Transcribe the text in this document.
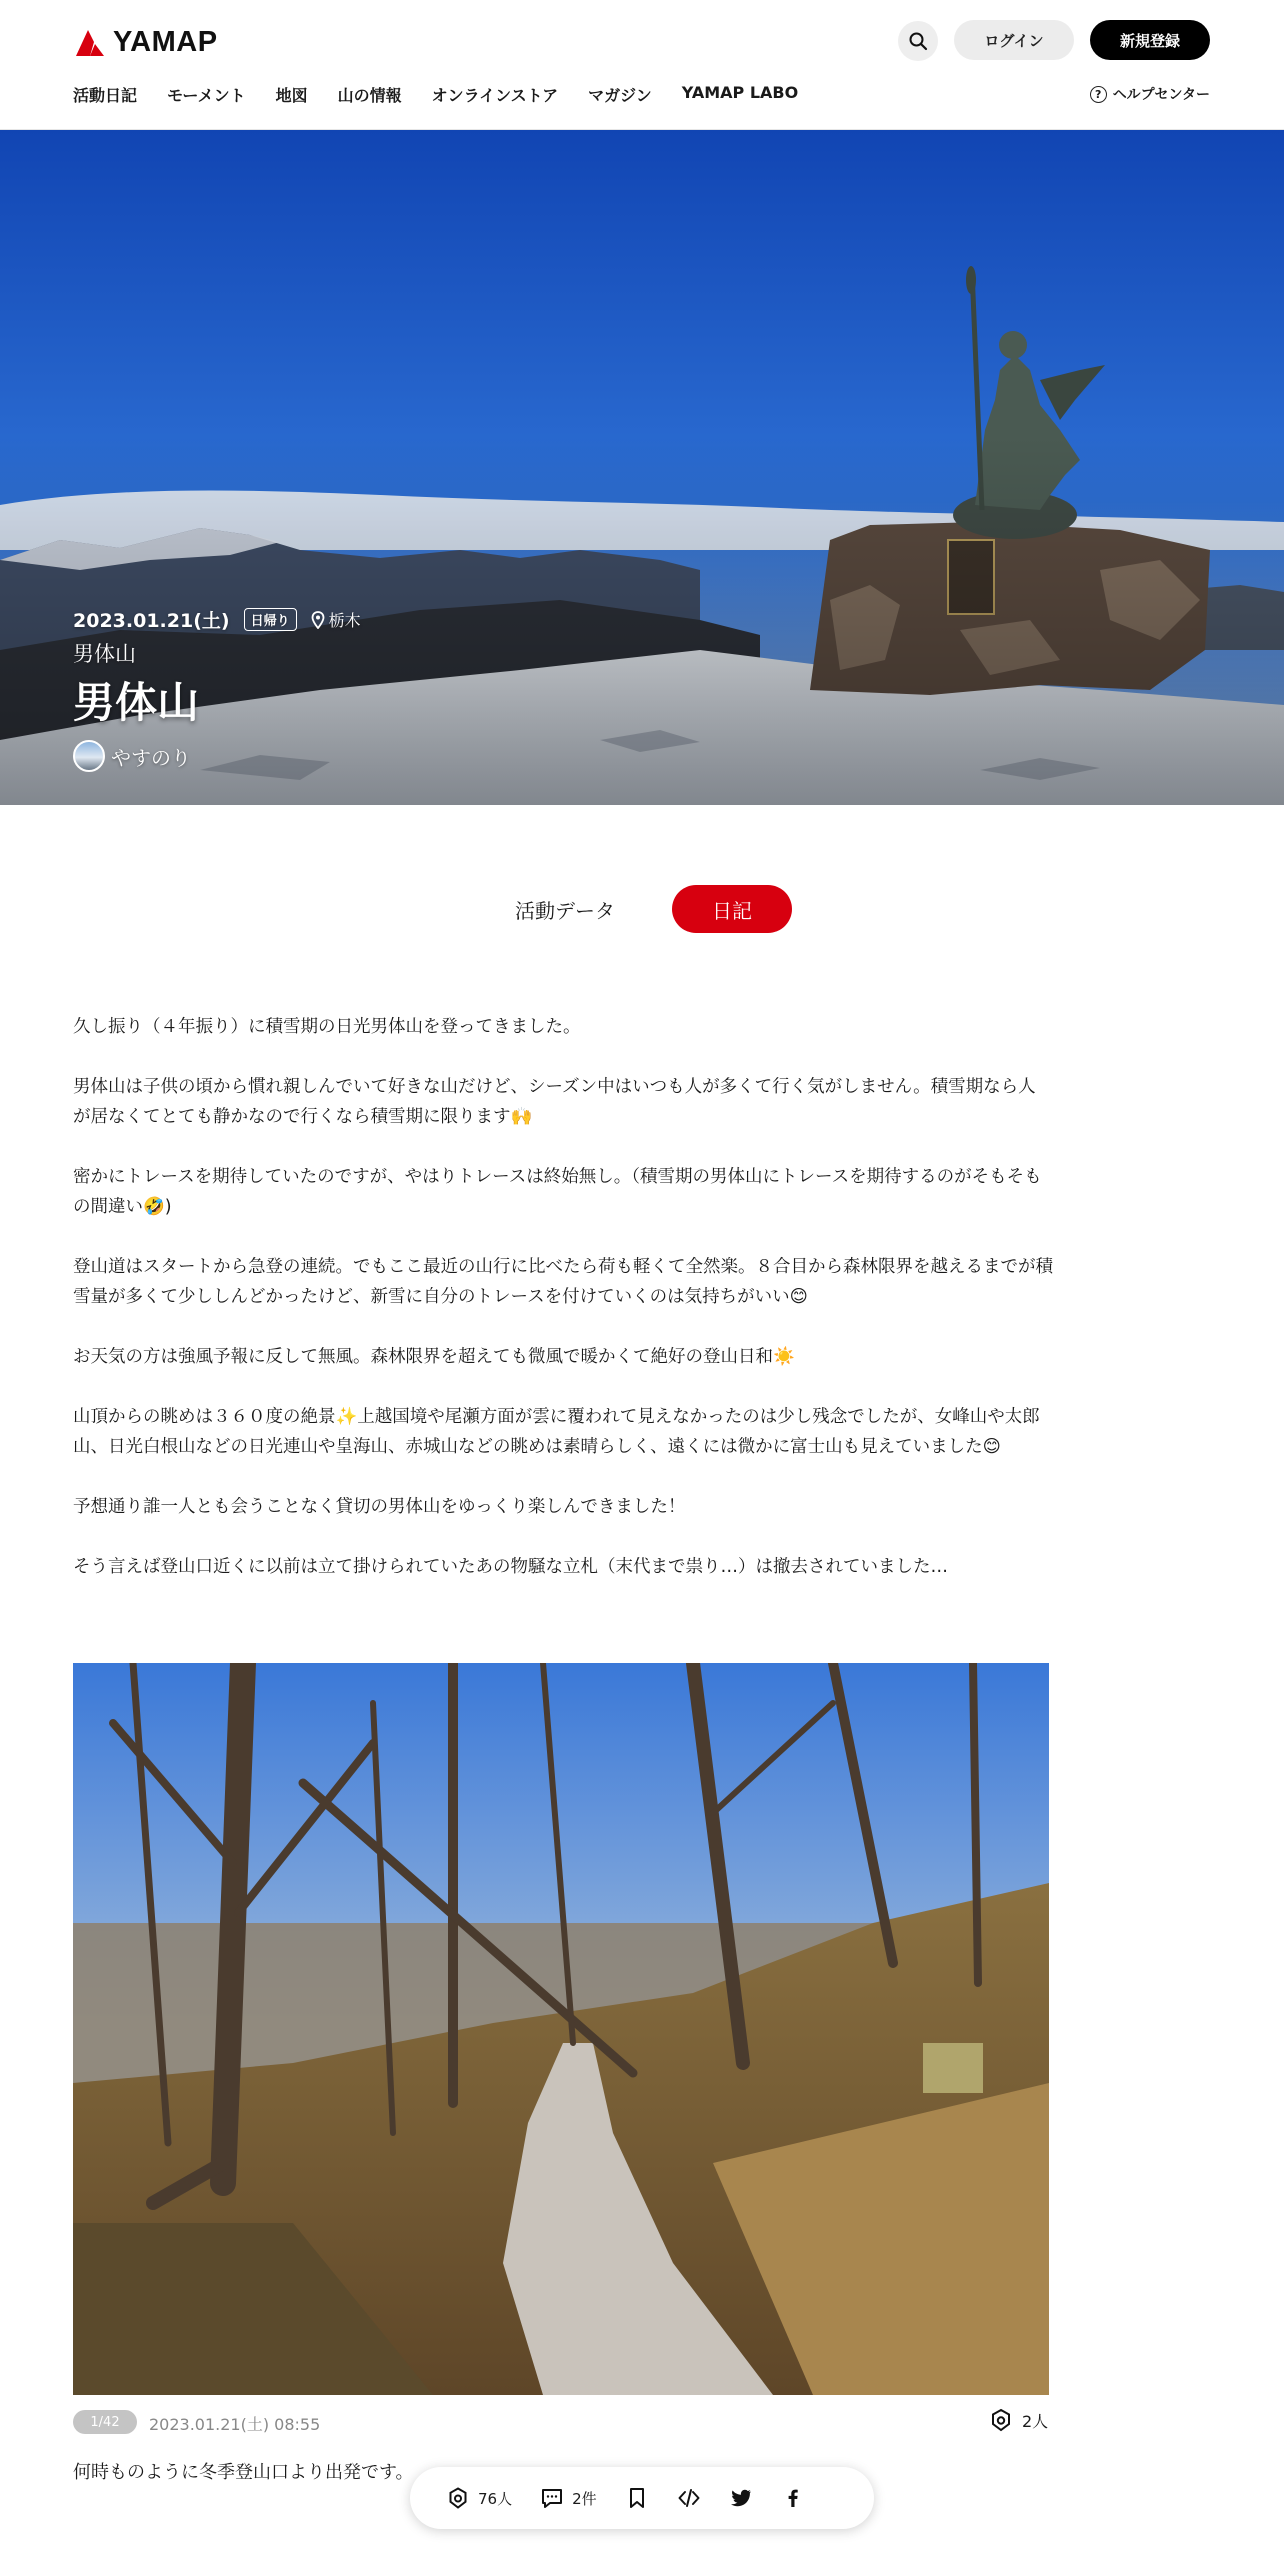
YAMAP	ログイン	新規登録
活動日記 モーメント 地図 山の情報 オンラインストア マガジン YAMAP LABO	? ヘルプセンター
2023.01.21(土)	日帰り	栃木
男体山
男体山
やすのり
活動データ	日記

久し振り（４年振り）に積雪期の日光男体山を登ってきました。

男体山は子供の頃から慣れ親しんでいて好きな山だけど、シーズン中はいつも人が多くて行く気がしません。積雪期なら人が居なくてとても静かなので行くなら積雪期に限ります🙌

密かにトレースを期待していたのですが、やはりトレースは終始無し。（積雪期の男体山にトレースを期待するのがそもそもの間違い🤣)

登山道はスタートから急登の連続。でもここ最近の山行に比べたら荷も軽くて全然楽。８合目から森林限界を越えるまでが積雪量が多くて少ししんどかったけど、新雪に自分のトレースを付けていくのは気持ちがいい😊

お天気の方は強風予報に反して無風。森林限界を超えても微風で暖かくて絶好の登山日和☀️

山頂からの眺めは３６０度の絶景✨上越国境や尾瀬方面が雲に覆われて見えなかったのは少し残念でしたが、女峰山や太郎山、日光白根山などの日光連山や皇海山、赤城山などの眺めは素晴らしく、遠くには微かに富士山も見えていました😊

予想通り誰一人とも会うことなく貸切の男体山をゆっくり楽しんできました！

そう言えば登山口近くに以前は立て掛けられていたあの物騒な立札（末代まで祟り…）は撤去されていました…

1/42	2023.01.21(土) 08:55	2人
何時ものように冬季登山口より出発です。
76人	2件
